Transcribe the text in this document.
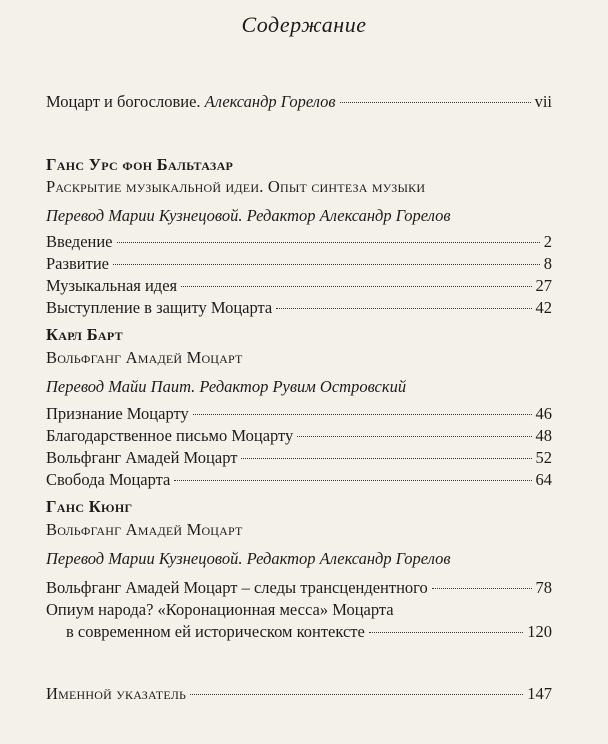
Содержание
Моцарт и богословие. Александр Горелов	vii
Ганс Урс фон Бальтазар
Раскрытие музыкальной идеи. Опыт синтеза музыки
Перевод Марии Кузнецовой. Редактор Александр Горелов
Введение	2
Развитие	8
Музыкальная идея	27
Выступление в защиту Моцарта	42
Карл Барт
Вольфганг Амадей Моцарт
Перевод Майи Паит. Редактор Рувим Островский
Признание Моцарту	46
Благодарственное письмо Моцарту	48
Вольфганг Амадей Моцарт	52
Свобода Моцарта	64
Ганс Кюнг
Вольфганг Амадей Моцарт
Перевод Марии Кузнецовой. Редактор Александр Горелов
Вольфганг Амадей Моцарт – следы трансцендентного	78
Опиум народа? «Коронационная месса» Моцарта
в современном ей историческом контексте	120
Именной указатель	147
